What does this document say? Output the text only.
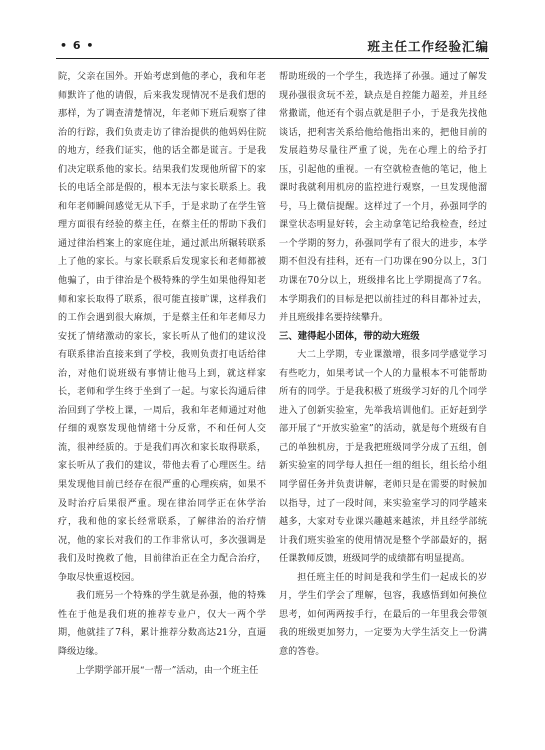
• 6 •	班主任工作经验汇编

院，父亲在国外。开始考虑到他的孝心，我和年老师默许了他的请假，后来我发现情况不是我们想的那样，为了调查清楚情况，年老师下班后观察了律治的行踪，我们负责走访了律治提供的他妈妈住院的地方，经我们证实，他的话全都是谎言。于是我们决定联系他的家长。结果我们发现他所留下的家长的电话全部是假的，根本无法与家长联系上。我和年老师瞬间感觉无从下手，于是求助了在学生管理方面很有经验的蔡主任，在蔡主任的帮助下我们通过律治档案上的家庭住址，通过派出所辗转联系上了他的家长。与家长联系后发现家长和老师都被他骗了，由于律治是个极特殊的学生如果他得知老师和家长取得了联系，很可能直接旷课，这样我们的工作会遇到很大麻烦，于是蔡主任和年老师尽力安抚了情绪激动的家长，家长听从了他们的建议没有联系律治直接来到了学校，我则负责打电话给律治，对他们说班级有事情让他马上到，就这样家长，老师和学生终于坐到了一起。与家长沟通后律治回到了学校上课，一周后，我和年老师通过对他仔细的观察发现他情绪十分反常，不和任何人交流，很神经质的。于是我们再次和家长取得联系，家长听从了我们的建议，带他去看了心理医生。结果发现他目前已经存在很严重的心理疾病，如果不及时治疗后果很严重。现在律治同学正在休学治疗，我和他的家长经常联系，了解律治的治疗情况，他的家长对我们的工作非常认可，多次强调是我们及时挽救了他，目前律治正在全力配合治疗，争取尽快重返校园。

我们班另一个特殊的学生就是孙强，他的特殊性在于他是我们班的推荐专业户，仅大一两个学期，他就挂了7科，累计推荐分数高达21分，直逼降级边缘。

上学期学部开展“一帮一”活动，由一个班主任

帮助班级的一个学生，我选择了孙强。通过了解发现孙强很贪玩不差，缺点是自控能力超差，并且经常撒谎，他还有个弱点就是胆子小，于是我先找他谈话，把利害关系给他给他指出来的，把他目前的发展趋势尽量往严重了说，先在心理上的给予打压，引起他的重视。一有空就检查他的笔记，他上课时我就利用机房的监控进行观察，一旦发现他溜号，马上微信提醒。这样过了一个月，孙强同学的课堂状态明显好转，会主动拿笔记给我检查，经过一个学期的努力，孙强同学有了很大的进步，本学期不但没有挂科，还有一门功课在90分以上，3门功课在70分以上，班级排名比上学期提高了7名。本学期我们的目标是把以前挂过的科目都补过去，并且班级排名要持续攀升。

三、建得起小团体，带的动大班级

大二上学期，专业课激增，很多同学感觉学习有些吃力，如果考试一个人的力量根本不可能帮助所有的同学。于是我积极了班级学习好的几个同学进入了创新实验室，先举我培训他们。正好赶到学部开展了“开放实验室”的活动，就是每个班级有自己的单独机房，于是我把班级同学分成了五组，创新实验室的同学每人担任一组的组长，组长给小组同学留任务并负责讲解，老师只是在需要的时候加以指导，过了一段时间，来实验室学习的同学越来越多，大家对专业课兴趣越来越浓，并且经学部统计我们班实验室的使用情况是整个学部最好的，据任课教师反馈，班级同学的成绩都有明显提高。

担任班主任的时间是我和学生们一起成长的岁月，学生们学会了理解，包容，我感悟到如何换位思考，如何两两按手行，在最后的一年里我会带领我的班级更加努力，一定要为大学生活交上一份满意的答卷。
